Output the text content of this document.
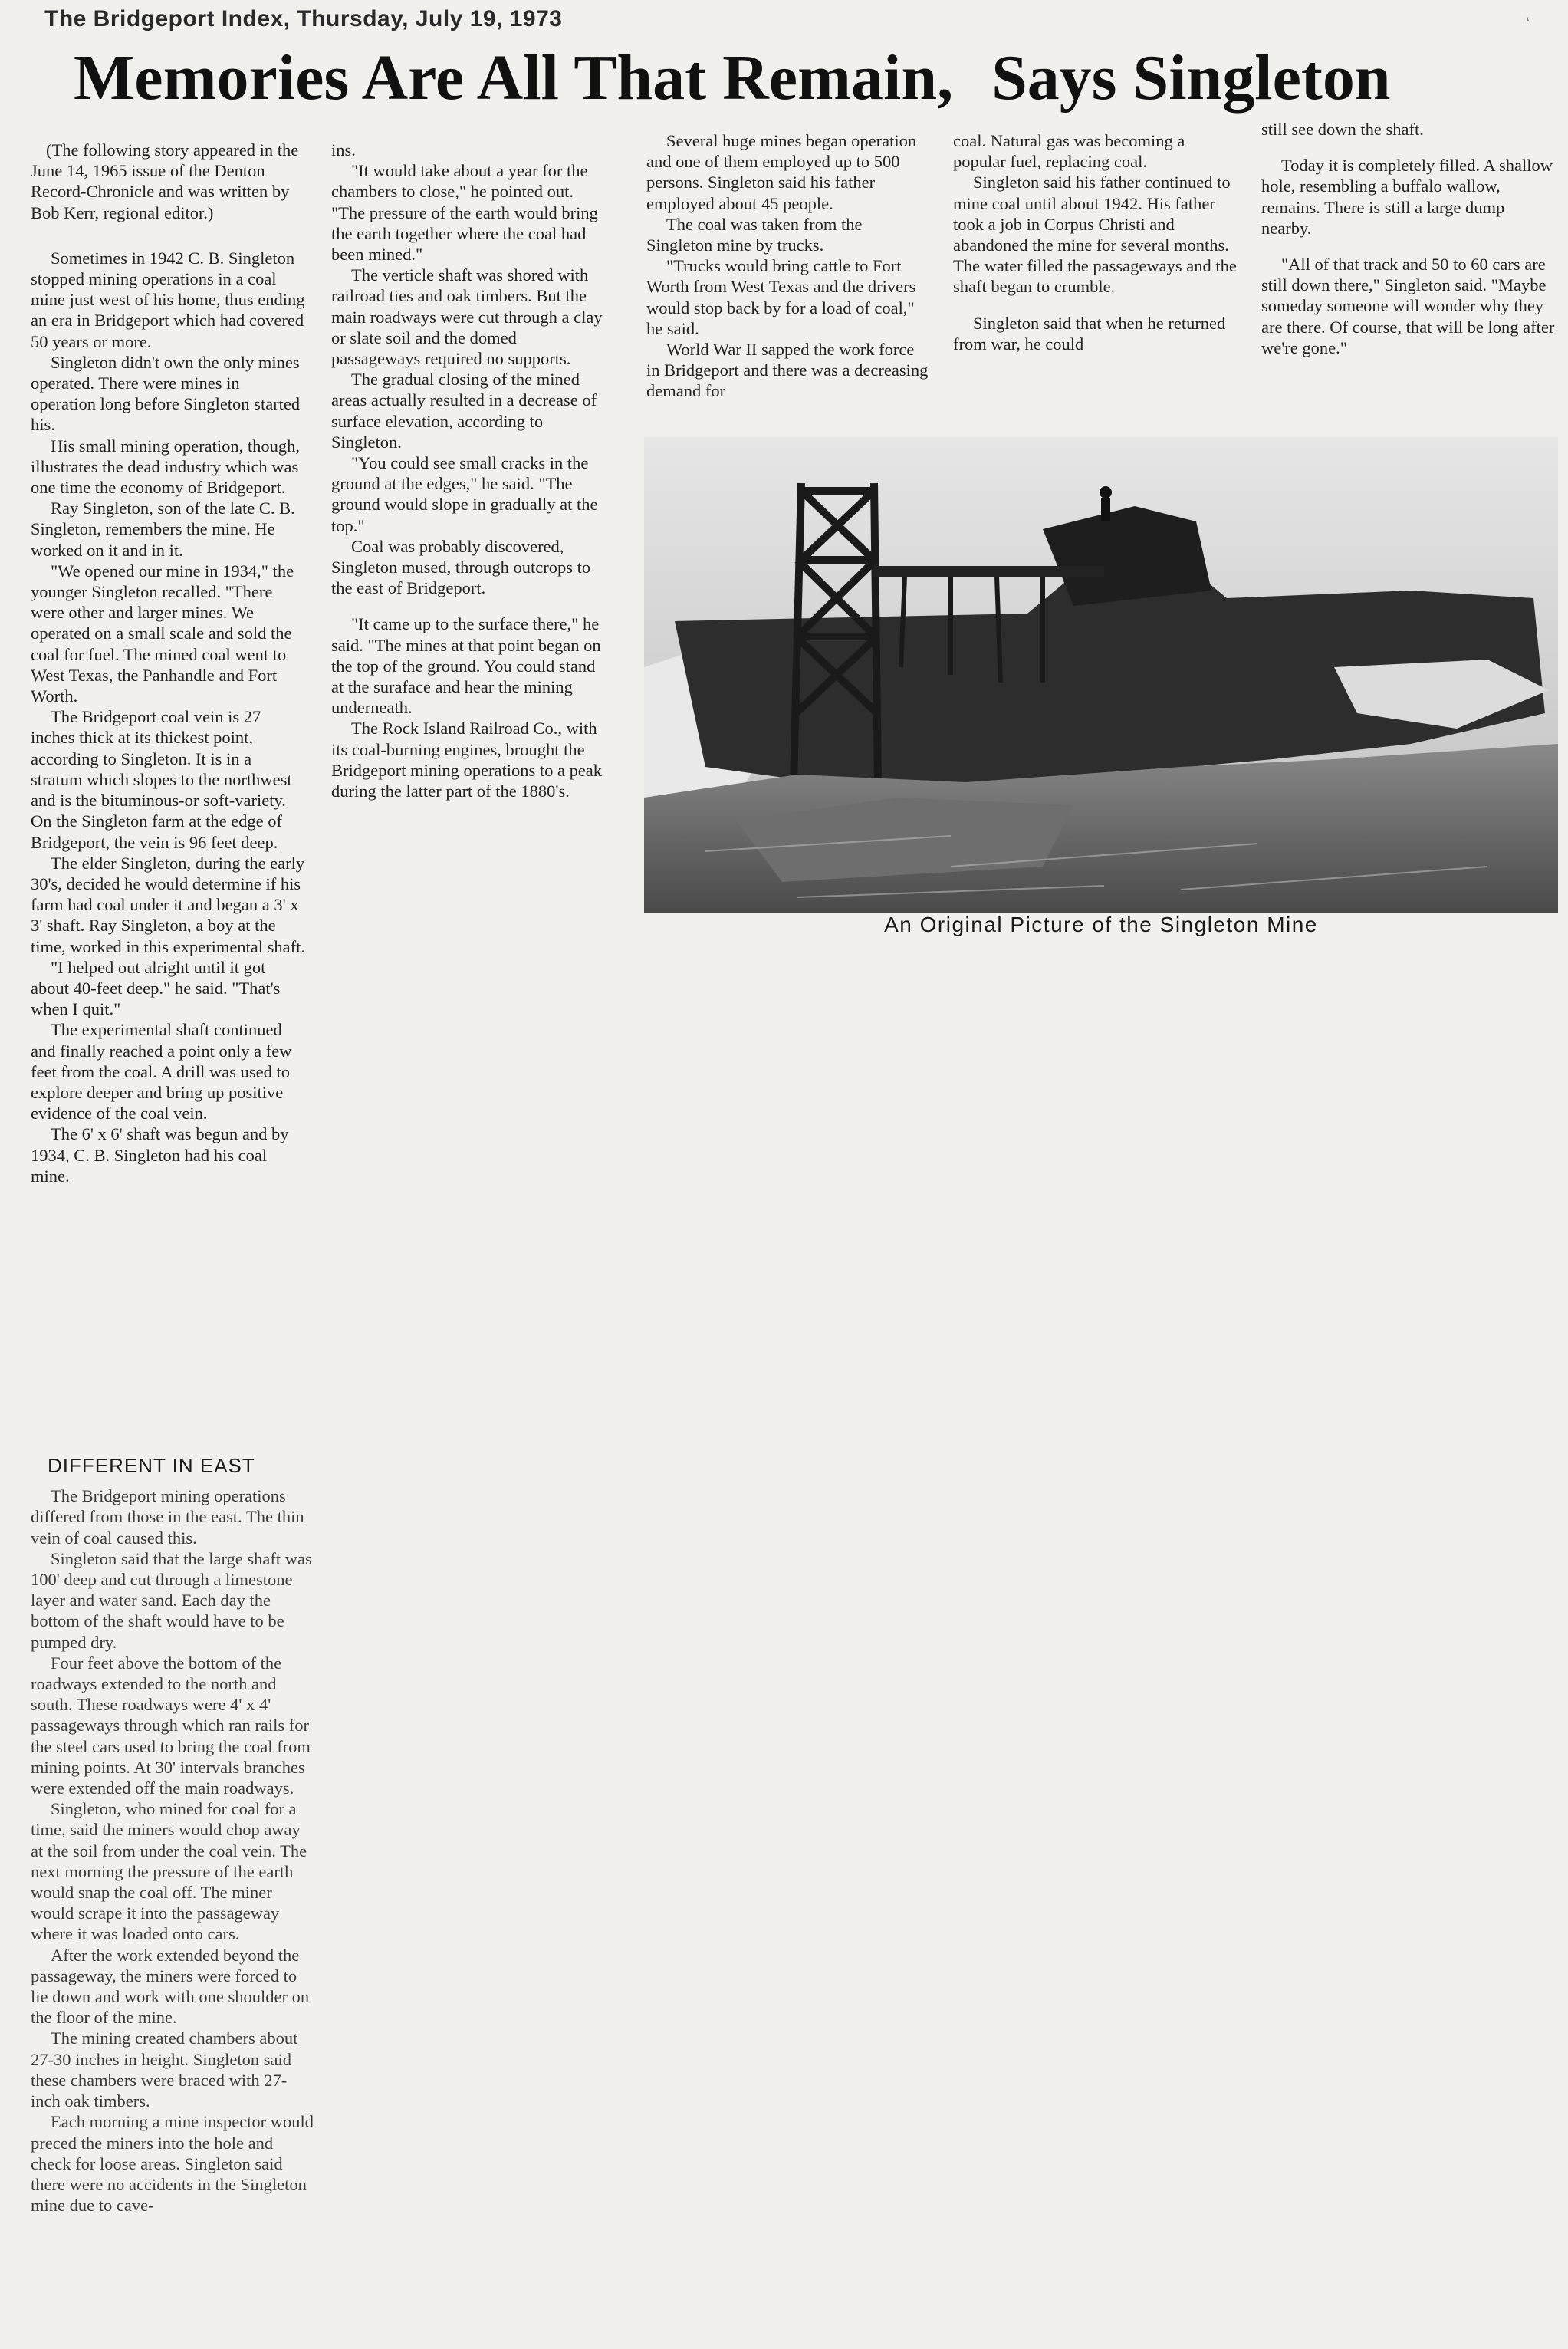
The Bridgeport Index, Thursday, July 19, 1973	‘
Memories Are All That Remain, Says Singleton

(The following story appeared in the June 14, 1965 issue of the Denton Record-Chronicle and was written by Bob Kerr, regional editor.)

Sometimes in 1942 C. B. Singleton stopped mining operations in a coal mine just west of his home, thus ending an era in Bridgeport which had covered 50 years or more.

Singleton didn't own the only mines operated. There were mines in operation long before Singleton started his.

His small mining operation, though, illustrates the dead industry which was one time the economy of Bridgeport.

Ray Singleton, son of the late C. B. Singleton, remembers the mine. He worked on it and in it.

"We opened our mine in 1934," the younger Singleton recalled. "There were other and larger mines. We operated on a small scale and sold the coal for fuel. The mined coal went to West Texas, the Panhandle and Fort Worth.

The Bridgeport coal vein is 27 inches thick at its thickest point, according to Singleton. It is in a stratum which slopes to the northwest and is the bituminous-or soft-variety. On the Singleton farm at the edge of Bridgeport, the vein is 96 feet deep.

The elder Singleton, during the early 30's, decided he would determine if his farm had coal under it and began a 3' x 3' shaft. Ray Singleton, a boy at the time, worked in this experimental shaft.

"I helped out alright until it got about 40-feet deep." he said. "That's when I quit."

The experimental shaft continued and finally reached a point only a few feet from the coal. A drill was used to explore deeper and bring up positive evidence of the coal vein.

The 6' x 6' shaft was begun and by 1934, C. B. Singleton had his coal mine.

DIFFERENT IN EAST

The Bridgeport mining operations differed from those in the east. The thin vein of coal caused this.

Singleton said that the large shaft was 100' deep and cut through a limestone layer and water sand. Each day the bottom of the shaft would have to be pumped dry.

Four feet above the bottom of the roadways extended to the north and south. These roadways were 4' x 4' passageways through which ran rails for the steel cars used to bring the coal from mining points. At 30' intervals branches were extended off the main roadways.

Singleton, who mined for coal for a time, said the miners would chop away at the soil from under the coal vein. The next morning the pressure of the earth would snap the coal off. The miner would scrape it into the passageway where it was loaded onto cars.

After the work extended beyond the passageway, the miners were forced to lie down and work with one shoulder on the floor of the mine.

The mining created chambers about 27-30 inches in height. Singleton said these chambers were braced with 27-inch oak timbers.

Each morning a mine inspector would preced the miners into the hole and check for loose areas. Singleton said there were no accidents in the Singleton mine due to cave-

ins.

"It would take about a year for the chambers to close," he pointed out. "The pressure of the earth would bring the earth together where the coal had been mined."

The verticle shaft was shored with railroad ties and oak timbers. But the main roadways were cut through a clay or slate soil and the domed passageways required no supports.

The gradual closing of the mined areas actually resulted in a decrease of surface elevation, according to Singleton.

"You could see small cracks in the ground at the edges," he said. "The ground would slope in gradually at the top."

Coal was probably discovered, Singleton mused, through outcrops to the east of Bridgeport.

"It came up to the surface there," he said. "The mines at that point began on the top of the ground. You could stand at the suraface and hear the mining underneath.

The Rock Island Railroad Co., with its coal-burning engines, brought the Bridgeport mining operations to a peak during the latter part of the 1880's.

Several huge mines began operation and one of them employed up to 500 persons. Singleton said his father employed about 45 people.

The coal was taken from the Singleton mine by trucks.

"Trucks would bring cattle to Fort Worth from West Texas and the drivers would stop back by for a load of coal," he said.

World War II sapped the work force in Bridgeport and there was a decreasing demand for

coal. Natural gas was becoming a popular fuel, replacing coal.

Singleton said his father continued to mine coal until about 1942. His father took a job in Corpus Christi and abandoned the mine for several months. The water filled the passageways and the shaft began to crumble.

Singleton said that when he returned from war, he could

still see down the shaft.

Today it is completely filled. A shallow hole, resembling a buffalo wallow, remains. There is still a large dump nearby.

"All of that track and 50 to 60 cars are still down there," Singleton said. "Maybe someday someone will wonder why they are there. Of course, that will be long after we're gone."

An Original Picture of the Singleton Mine
